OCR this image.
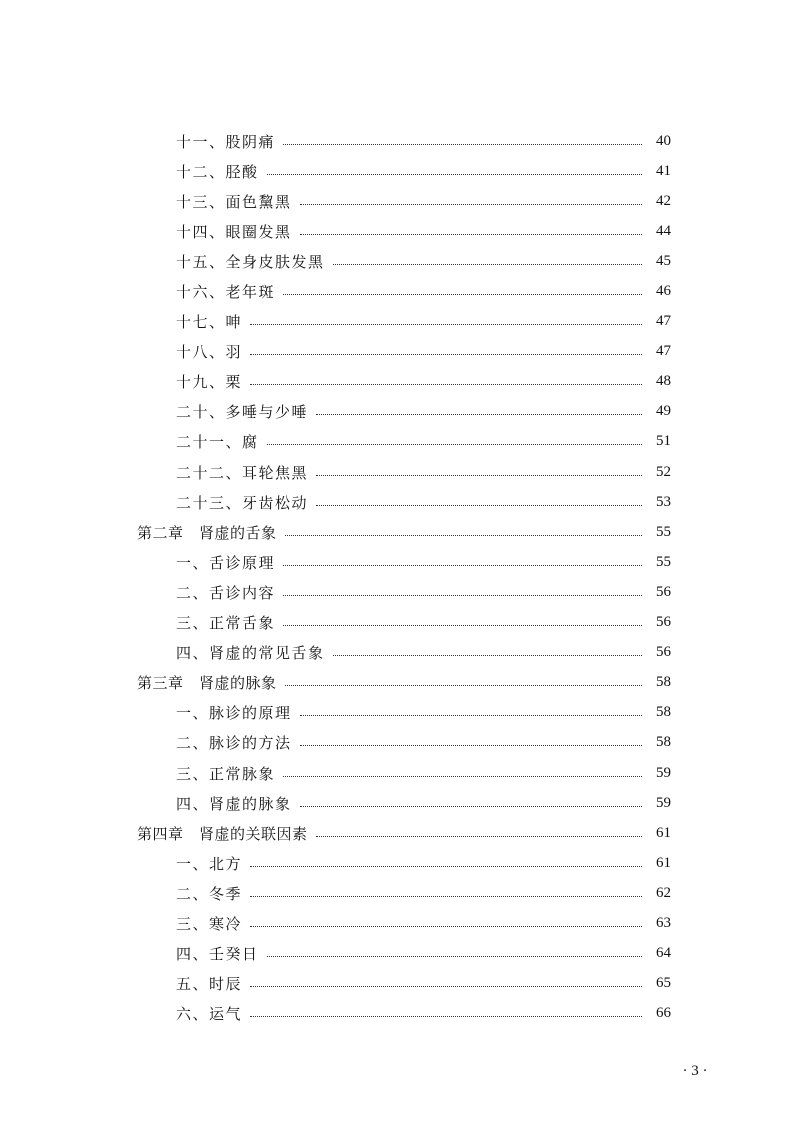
十一、股阴痛	40
十二、胫酸	41
十三、面色黧黑	42
十四、眼圈发黑	44
十五、全身皮肤发黑	45
十六、老年斑	46
十七、呻	47
十八、羽	47
十九、栗	48
二十、多唾与少唾	49
二十一、腐	51
二十二、耳轮焦黑	52
二十三、牙齿松动	53
第二章　肾虚的舌象	55
一、舌诊原理	55
二、舌诊内容	56
三、正常舌象	56
四、肾虚的常见舌象	56
第三章　肾虚的脉象	58
一、脉诊的原理	58
二、脉诊的方法	58
三、正常脉象	59
四、肾虚的脉象	59
第四章　肾虚的关联因素	61
一、北方	61
二、冬季	62
三、寒冷	63
四、壬癸日	64
五、时辰	65
六、运气	66
· 3 ·
